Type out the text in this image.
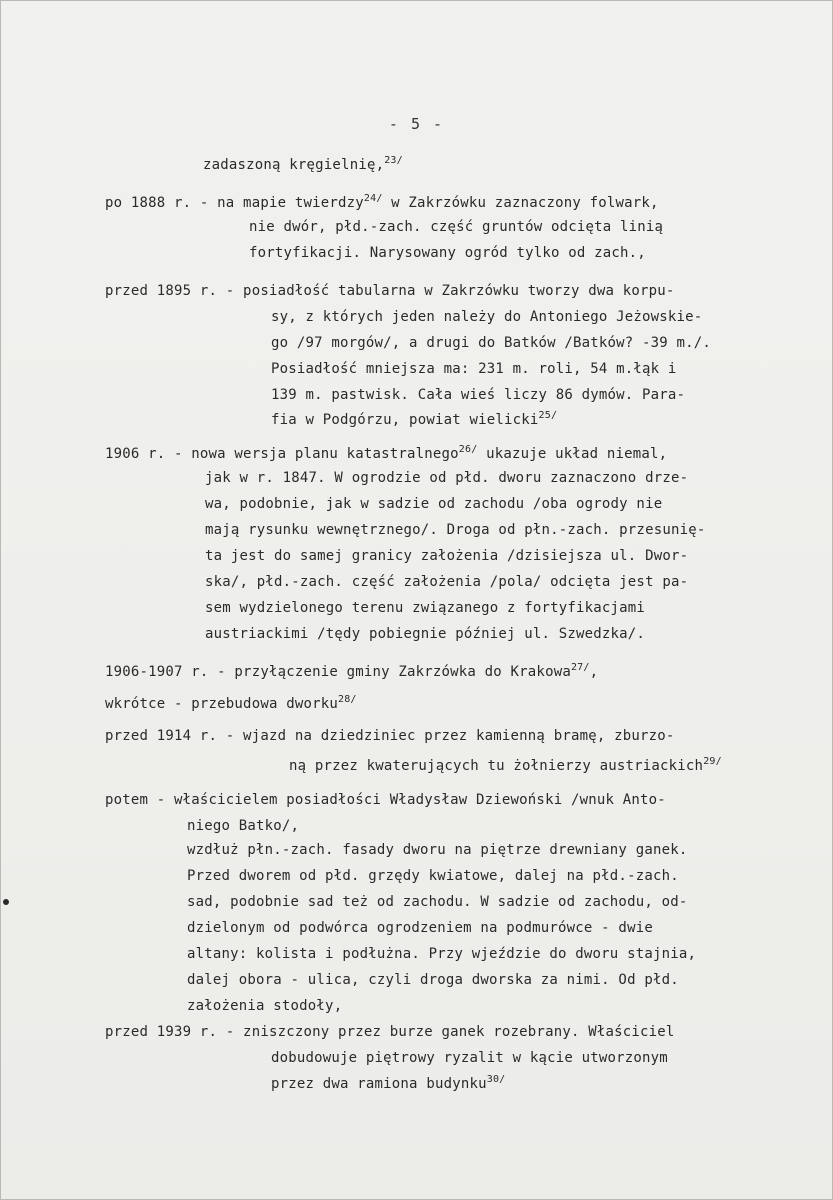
- 5 -
zadaszoną kręgielnię,$^{23/}$
po 1888 r. - na mapie twierdzy$^{24/}$ w Zakrzówku zaznaczony folwark,
nie dwór, płd.-zach. część gruntów odcięta linią
fortyfikacji. Narysowany ogród tylko od zach.,
przed 1895 r. - posiadłość tabularna w Zakrzówku tworzy dwa korpu-
sy, z których jeden należy do Antoniego Jeżowskie-
go /97 morgów/, a drugi do Batków /Batków? -39 m./.
Posiadłość mniejsza ma: 231 m. roli, 54 m.łąk i
139 m. pastwisk. Cała wieś liczy 86 dymów. Para-
fia w Podgórzu, powiat wielicki$^{25/}$
1906 r. - nowa wersja planu katastralnego$^{26/}$ ukazuje układ niemal,
jak w r. 1847. W ogrodzie od płd. dworu zaznaczono drze-
wa, podobnie, jak w sadzie od zachodu /oba ogrody nie
mają rysunku wewnętrznego/. Droga od płn.-zach. przesunię-
ta jest do samej granicy założenia /dzisiejsza ul. Dwor-
ska/, płd.-zach. część założenia /pola/ odcięta jest pa-
sem wydzielonego terenu związanego z fortyfikacjami
austriackimi /tędy pobiegnie później ul. Szwedzka/.
1906-1907 r. - przyłączenie gminy Zakrzówka do Krakowa$^{27/}$,
wkrótce - przebudowa dworku$^{28/}$
przed 1914 r. - wjazd na dziedziniec przez kamienną bramę, zburzo-
ną przez kwaterujących tu żołnierzy austriackich$^{29/}$
potem - właścicielem posiadłości Władysław Dziewoński /wnuk Anto-
niego Batko/,
wzdłuż płn.-zach. fasady dworu na piętrze drewniany ganek.
Przed dworem od płd. grzędy kwiatowe, dalej na płd.-zach.
sad, podobnie sad też od zachodu. W sadzie od zachodu, od-
dzielonym od podwórca ogrodzeniem na podmurówce - dwie
altany: kolista i podłużna. Przy wjeździe do dworu stajnia,
dalej obora - ulica, czyli droga dworska za nimi. Od płd.
założenia stodoły,
przed 1939 r. - zniszczony przez burze ganek rozebrany. Właściciel
dobudowuje piętrowy ryzalit w kącie utworzonym
przez dwa ramiona budynku$^{30/}$
